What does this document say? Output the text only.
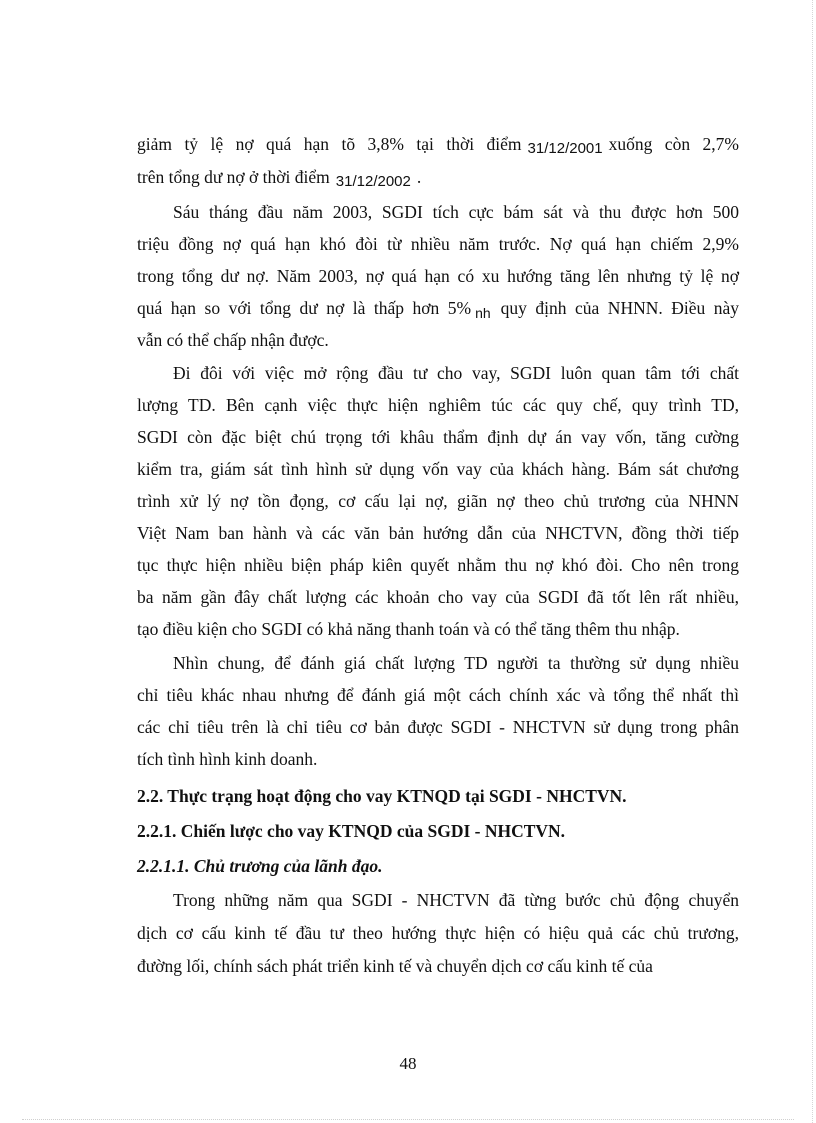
giảm tỷ lệ nợ quá hạn tõ 3,8% tại thời điểm 31/12/2001 xuống còn 2,7%
trên tổng dư nợ ở thời điểm 31/12/2002 .
Sáu tháng đầu năm 2003, SGDI tích cực bám sát và thu được hơn 500
triệu đồng nợ quá hạn khó đòi từ nhiều năm trước. Nợ quá hạn chiếm 2,9%
trong tổng dư nợ. Năm 2003, nợ quá hạn có xu hướng tăng lên nhưng tỷ lệ nợ
quá hạn so với tổng dư nợ là thấp hơn 5% $_{nh}$ quy định của NHNN. Điều này
vẫn có thể chấp nhận được.
Đi đôi với việc mở rộng đầu tư cho vay, SGDI luôn quan tâm tới chất
lượng TD. Bên cạnh việc thực hiện nghiêm túc các quy chế, quy trình TD,
SGDI còn đặc biệt chú trọng tới khâu thẩm định dự án vay vốn, tăng cường
kiểm tra, giám sát tình hình sử dụng vốn vay của khách hàng. Bám sát chương
trình xử lý nợ tồn đọng, cơ cấu lại nợ, giãn nợ theo chủ trương của NHNN
Việt Nam ban hành và các văn bản hướng dẫn của NHCTVN, đồng thời tiếp
tục thực hiện nhiều biện pháp kiên quyết nhằm thu nợ khó đòi. Cho nên trong
ba năm gần đây chất lượng các khoản cho vay của SGDI đã tốt lên rất nhiều,
tạo điều kiện cho SGDI có khả năng thanh toán và có thể tăng thêm thu nhập.
Nhìn chung, để đánh giá chất lượng TD người ta thường sử dụng nhiều
chỉ tiêu khác nhau nhưng để đánh giá một cách chính xác và tổng thể nhất thì
các chỉ tiêu trên là chỉ tiêu cơ bản được SGDI - NHCTVN sử dụng trong phân
tích tình hình kinh doanh.
2.2. Thực trạng hoạt động cho vay KTNQD tại SGDI - NHCTVN.
2.2.1. Chiến lược cho vay KTNQD của SGDI - NHCTVN.
2.2.1.1. Chủ trương của lãnh đạo.
Trong những năm qua SGDI - NHCTVN đã từng bước chủ động chuyển
dịch cơ cấu kinh tế đầu tư theo hướng thực hiện có hiệu quả các chủ trương,
đường lối, chính sách phát triển kinh tế và chuyển dịch cơ cấu kinh tế của
48
